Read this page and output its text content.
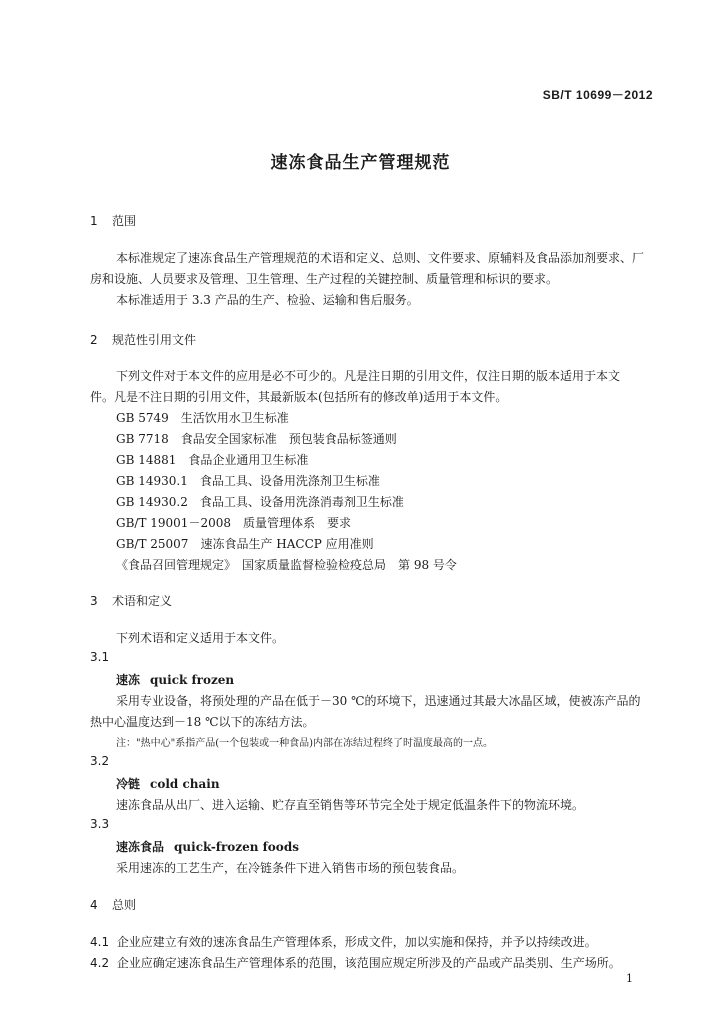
SB/T 10699－2012
速冻食品生产管理规范
1 范围
本标准规定了速冻食品生产管理规范的术语和定义、总则、文件要求、原辅料及食品添加剂要求、厂
房和设施、人员要求及管理、卫生管理、生产过程的关键控制、质量管理和标识的要求。
本标准适用于 3.3 产品的生产、检验、运输和售后服务。
2 规范性引用文件
下列文件对于本文件的应用是必不可少的。凡是注日期的引用文件，仅注日期的版本适用于本文
件。凡是不注日期的引用文件，其最新版本(包括所有的修改单)适用于本文件。
GB 5749　生活饮用水卫生标准
GB 7718　食品安全国家标准　预包装食品标签通则
GB 14881　食品企业通用卫生标准
GB 14930.1　食品工具、设备用洗涤剂卫生标准
GB 14930.2　食品工具、设备用洗涤消毒剂卫生标准
GB/T 19001－2008　质量管理体系　要求
GB/T 25007　速冻食品生产 HACCP 应用准则
《食品召回管理规定》　国家质量监督检验检疫总局　第 98 号令
3 术语和定义
下列术语和定义适用于本文件。
3.1
速冻 quick frozen
采用专业设备，将预处理的产品在低于－30 ℃的环境下，迅速通过其最大冰晶区域，使被冻产品的
热中心温度达到－18 ℃以下的冻结方法。
注："热中心"系指产品(一个包装或一种食品)内部在冻结过程终了时温度最高的一点。
3.2
冷链 cold chain
速冻食品从出厂、进入运输、贮存直至销售等环节完全处于规定低温条件下的物流环境。
3.3
速冻食品 quick-frozen foods
采用速冻的工艺生产，在冷链条件下进入销售市场的预包装食品。
4 总则
4.1 企业应建立有效的速冻食品生产管理体系，形成文件，加以实施和保持，并予以持续改进。
4.2 企业应确定速冻食品生产管理体系的范围，该范围应规定所涉及的产品或产品类别、生产场所。
1
